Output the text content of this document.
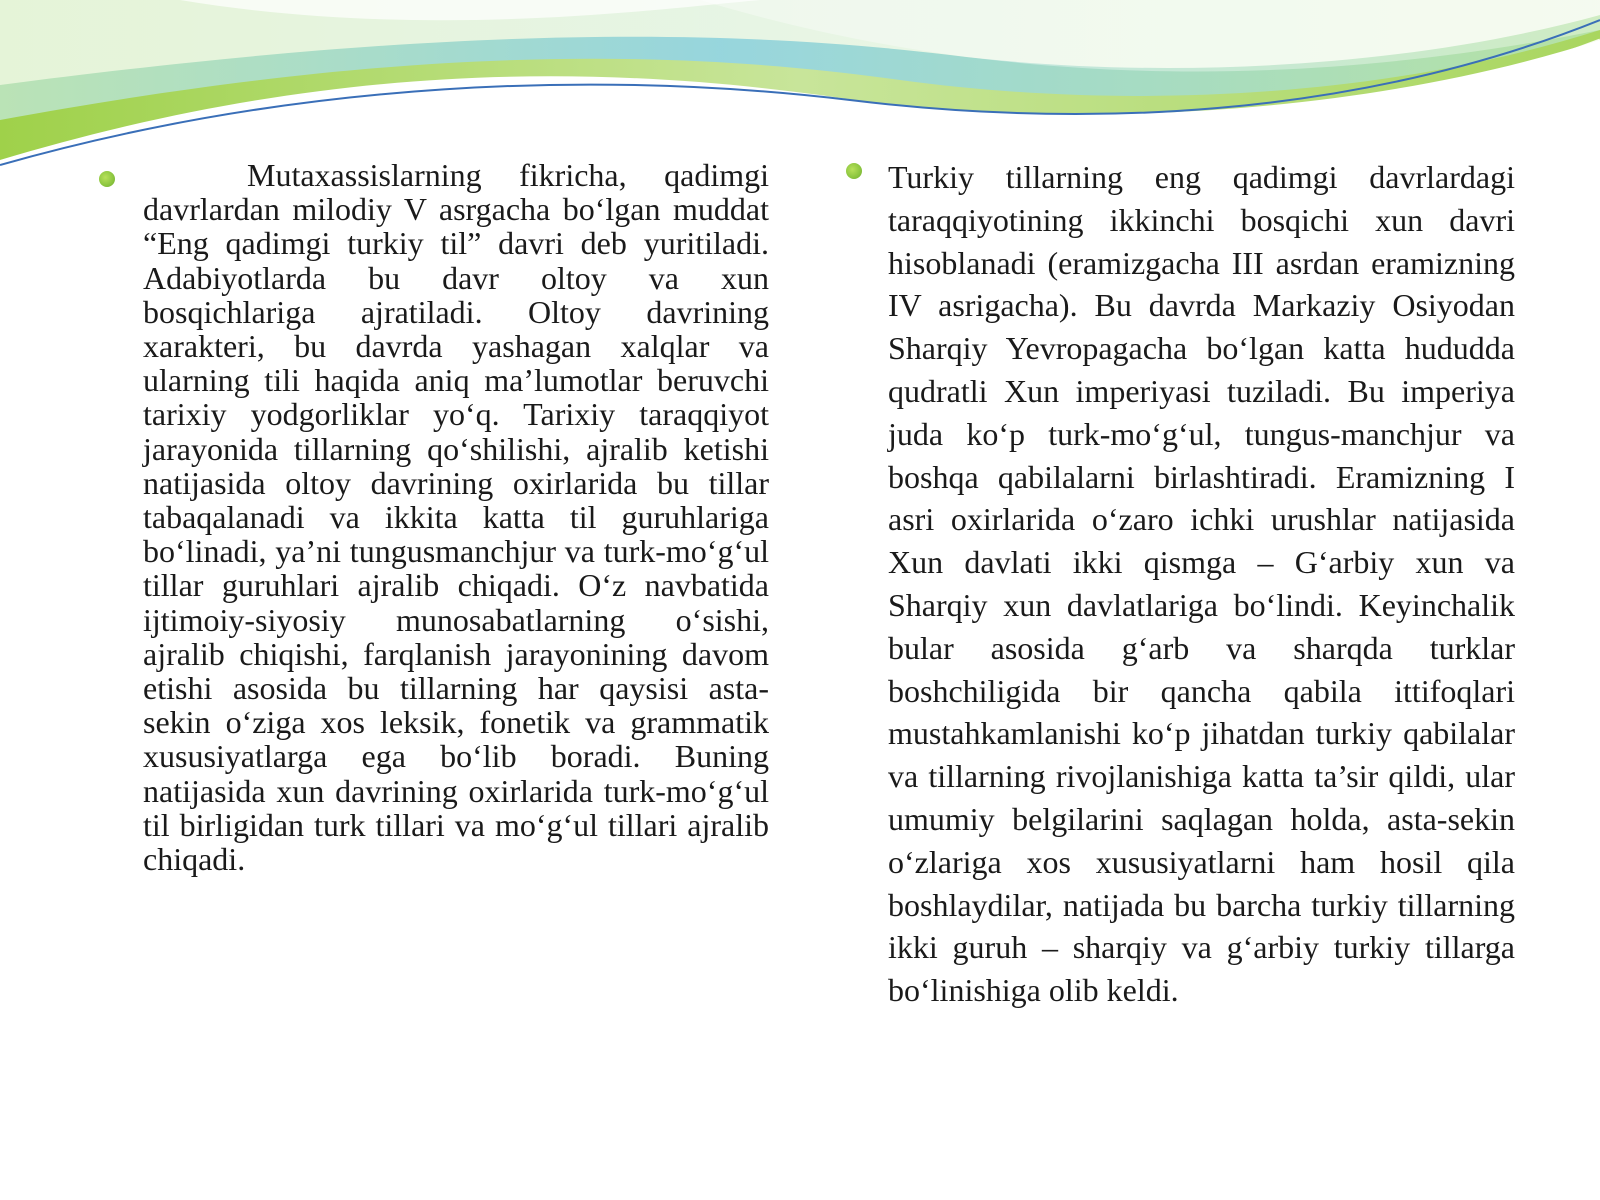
Mutaxassislarning fikricha, qadimgi davrlardan milodiy V asrgacha bo‘lgan muddat “Eng qadimgi turkiy til” davri deb yuritiladi. Adabiyotlarda bu davr oltoy va xun bosqichlariga ajratiladi. Oltoy davrining xarakteri, bu davrda yashagan xalqlar va ularning tili haqida aniq ma’lumotlar beruvchi tarixiy yodgorliklar yo‘q. Tarixiy taraqqiyot jarayonida tillarning qo‘shilishi, ajralib ketishi natijasida oltoy davrining oxirlarida bu tillar tabaqalanadi va ikkita katta til guruhlariga bo‘linadi, ya’ni tungusmanchjur va turk-mo‘g‘ul tillar guruhlari ajralib chiqadi. O‘z navbatida ijtimoiy-siyosiy munosabatlarning o‘sishi, ajralib chiqishi, farqlanish jarayonining davom etishi asosida bu tillarning har qaysisi asta- sekin o‘ziga xos leksik, fonetik va grammatik xususiyatlarga ega bo‘lib boradi. Buning natijasida xun davrining oxirlarida turk-mo‘g‘ul til birligidan turk tillari va mo‘g‘ul tillari ajralib chiqadi.

Turkiy tillarning eng qadimgi davrlardagi taraqqiyotining ikkinchi bosqichi xun davri hisoblanadi (eramizgacha III asrdan eramizning IV asrigacha). Bu davrda Markaziy Osiyodan Sharqiy Yevropagacha bo‘lgan katta hududda qudratli Xun imperiyasi tuziladi. Bu imperiya juda ko‘p turk-mo‘g‘ul, tungus-manchjur va boshqa qabilalarni birlashtiradi. Eramizning I asri oxirlarida o‘zaro ichki urushlar natijasida Xun davlati ikki qismga – G‘arbiy xun va Sharqiy xun davlatlariga bo‘lindi. Keyinchalik bular asosida g‘arb va sharqda turklar boshchiligida bir qancha qabila ittifoqlari mustahkamlanishi ko‘p jihatdan turkiy qabilalar va tillarning rivojlanishiga katta ta’sir qildi, ular umumiy belgilarini saqlagan holda, asta-sekin o‘zlariga xos xususiyatlarni ham hosil qila boshlaydilar, natijada bu barcha turkiy tillarning ikki guruh – sharqiy va g‘arbiy turkiy tillarga bo‘linishiga olib keldi.
